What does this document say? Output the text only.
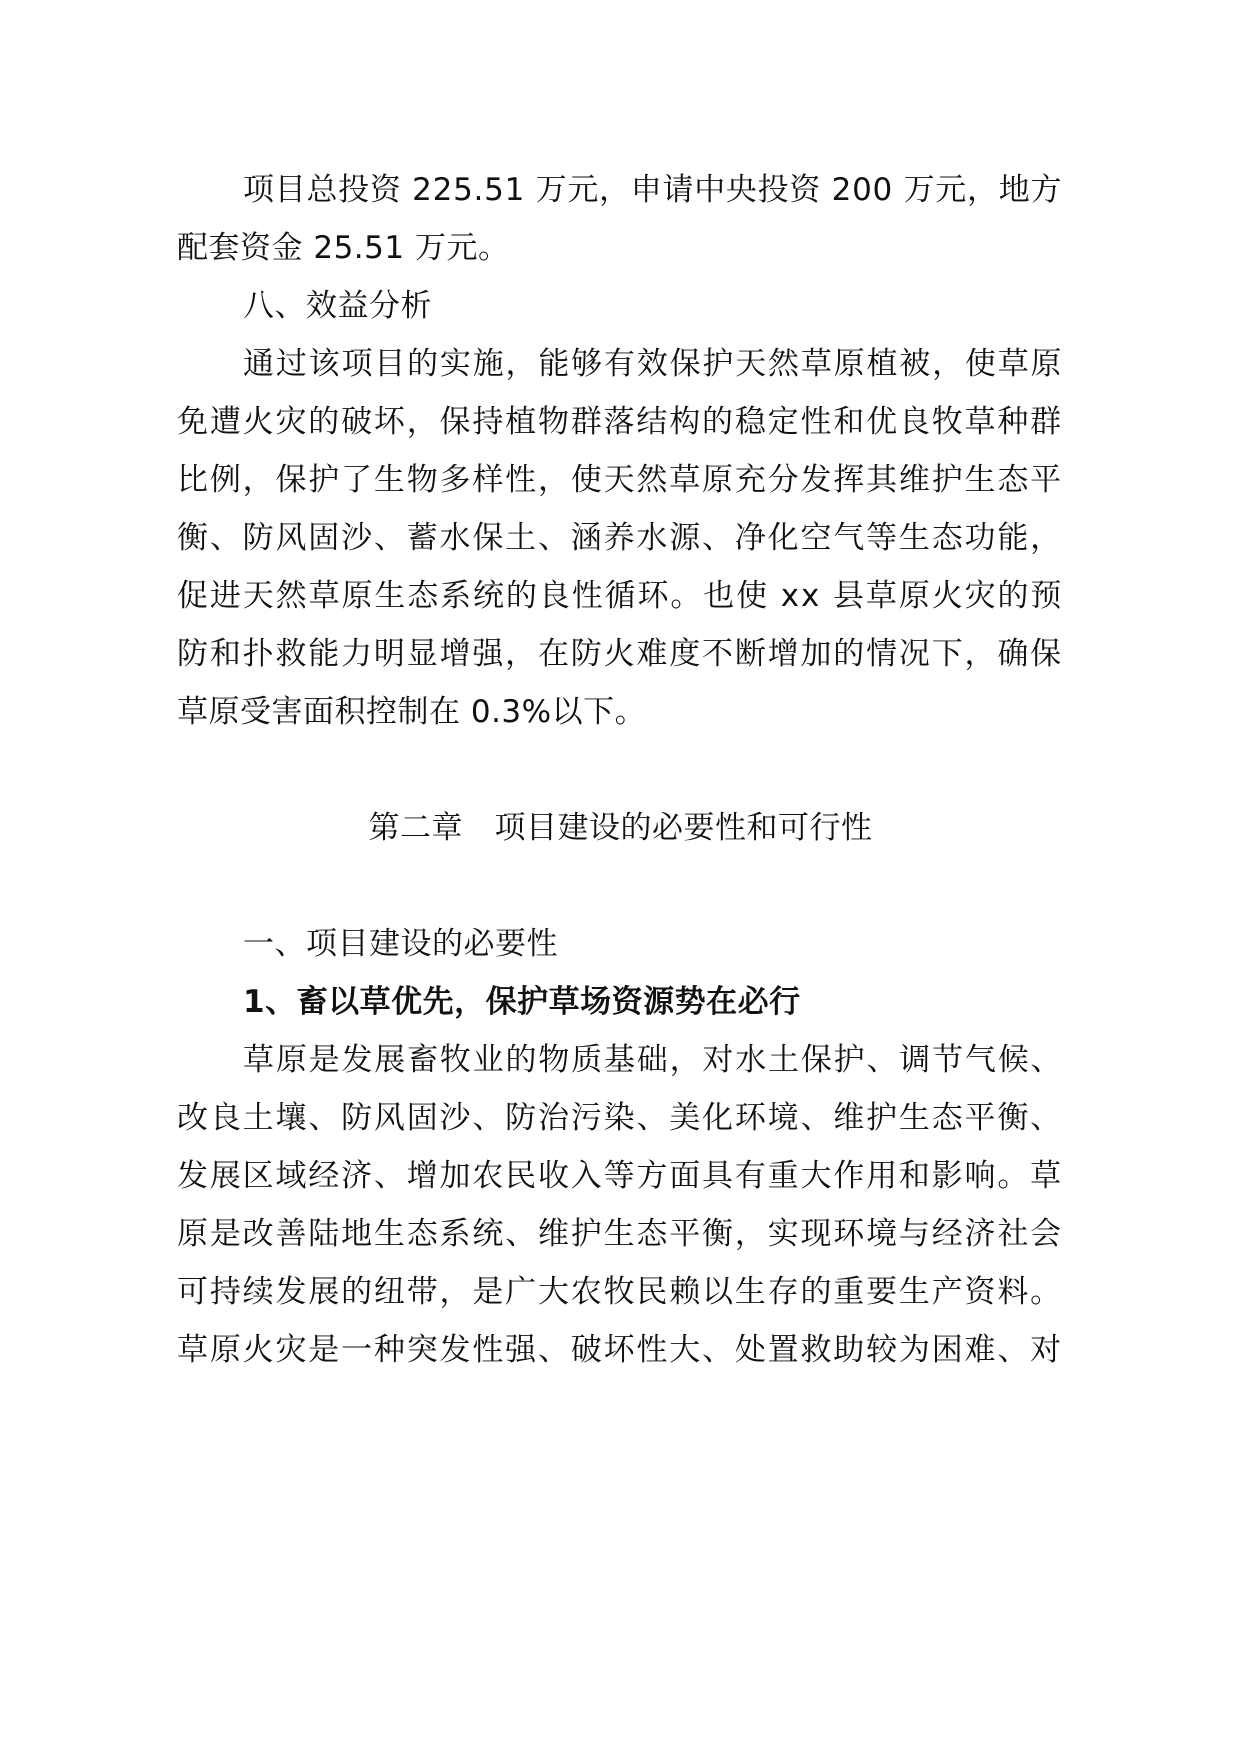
项 目 总 投 资
2 2 5 . 5 1
万 元 ， 申 请 中 央 投 资
2 0 0
万 元 ， 地 方
配套资金 25.51 万元。
八、效益分析
通 过 该 项 目 的 实 施 ， 能 够 有 效 保 护 天 然 草 原 植 被 ， 使 草 原
免 遭 火 灾 的 破 坏 ， 保 持 植 物 群 落 结 构 的 稳 定 性 和 优 良 牧 草 种 群
比 例 ， 保 护 了 生 物 多 样 性 ， 使 天 然 草 原 充 分 发 挥 其 维 护 生 态 平
衡 、 防 风 固 沙 、 蓄 水 保 土 、 涵 养 水 源 、 净 化 空 气 等 生 态 功 能 ，
促 进 天 然 草 原 生 态 系 统 的 良 性 循 环 。 也 使
x x
县 草 原 火 灾 的 预
防 和 扑 救 能 力 明 显 增 强 ， 在 防 火 难 度 不 断 增 加 的 情 况 下 ， 确 保
草原受害面积控制在 0.3%以下。
第二章　项目建设的必要性和可行性
一、项目建设的必要性
1、畜以草优先，保护草场资源势在必行
草 原 是 发 展 畜 牧 业 的 物 质 基 础 ， 对 水 土 保 护 、 调 节 气 候 、
改 良 土 壤 、 防 风 固 沙 、 防 治 污 染 、 美 化 环 境 、 维 护 生 态 平 衡 、
发 展 区 域 经 济 、 增 加 农 民 收 入 等 方 面 具 有 重 大 作 用 和 影 响 。 草
原 是 改 善 陆 地 生 态 系 统 、 维 护 生 态 平 衡 ， 实 现 环 境 与 经 济 社 会
可 持 续 发 展 的 纽 带 ， 是 广 大 农 牧 民 赖 以 生 存 的 重 要 生 产 资 料 。
草 原 火 灾 是 一 种 突 发 性 强 、 破 坏 性 大 、 处 置 救 助 较 为 困 难 、 对
